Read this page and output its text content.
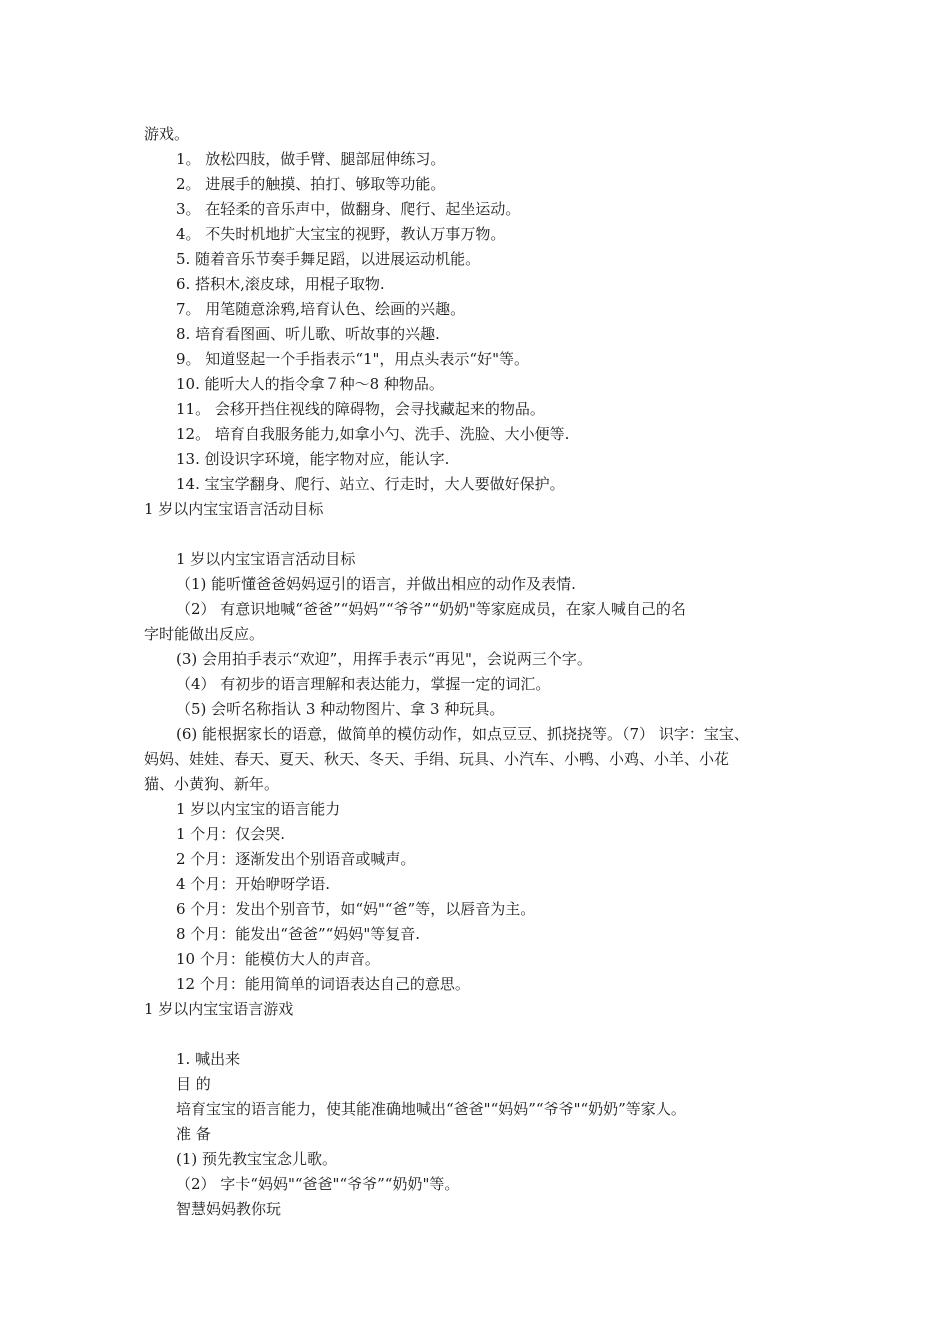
游戏。
1。 放松四肢，做手臂、腿部屈伸练习。
2。 进展手的触摸、拍打、够取等功能。
3。 在轻柔的音乐声中，做翻身、爬行、起坐运动。
4。 不失时机地扩大宝宝的视野，教认万事万物。
5. 随着音乐节奏手舞足蹈，以进展运动机能。
6. 搭积木,滚皮球，用棍子取物.
7。 用笔随意涂鸦,培育认色、绘画的兴趣。
8. 培育看图画、听儿歌、听故事的兴趣.
9。 知道竖起一个手指表示“1"，用点头表示“好"等。
10. 能听大人的指令拿７种～8 种物品。
11。 会移开挡住视线的障碍物，会寻找藏起来的物品。
12。 培育自我服务能力,如拿小勺、洗手、洗脸、大小便等.
13. 创设识字环境，能字物对应，能认字.
14. 宝宝学翻身、爬行、站立、行走时，大人要做好保护。
1 岁以内宝宝语言活动目标
1 岁以内宝宝语言活动目标
（1) 能听懂爸爸妈妈逗引的语言，并做出相应的动作及表情.
（2） 有意识地喊“爸爸”“妈妈”“爷爷”“奶奶"等家庭成员，在家人喊自己的名
字时能做出反应。
(3) 会用拍手表示“欢迎”，用挥手表示“再见"，会说两三个字。
（4） 有初步的语言理解和表达能力，掌握一定的词汇。
（5) 会听名称指认 3 种动物图片、拿 3 种玩具。
(6) 能根据家长的语意，做简单的模仿动作，如点豆豆、抓挠挠等。（7） 识字：宝宝、
妈妈、娃娃、春天、夏天、秋天、冬天、手绢、玩具、小汽车、小鸭、小鸡、小羊、小花
猫、小黄狗、新年。
1 岁以内宝宝的语言能力
1 个月：仅会哭.
2 个月：逐渐发出个别语音或喊声。
4 个月：开始咿呀学语.
6 个月：发出个别音节，如“妈"“爸”等，以唇音为主。
8 个月：能发出“爸爸”“妈妈"等复音.
10 个月：能模仿大人的声音。
12 个月：能用简单的词语表达自己的意思。
1 岁以内宝宝语言游戏
1. 喊出来
目 的
培育宝宝的语言能力，使其能准确地喊出“爸爸"“妈妈”“爷爷"“奶奶”等家人。
准 备
(1) 预先教宝宝念儿歌。
（2） 字卡“妈妈"“爸爸"“爷爷”“奶奶"等。
智慧妈妈教你玩
